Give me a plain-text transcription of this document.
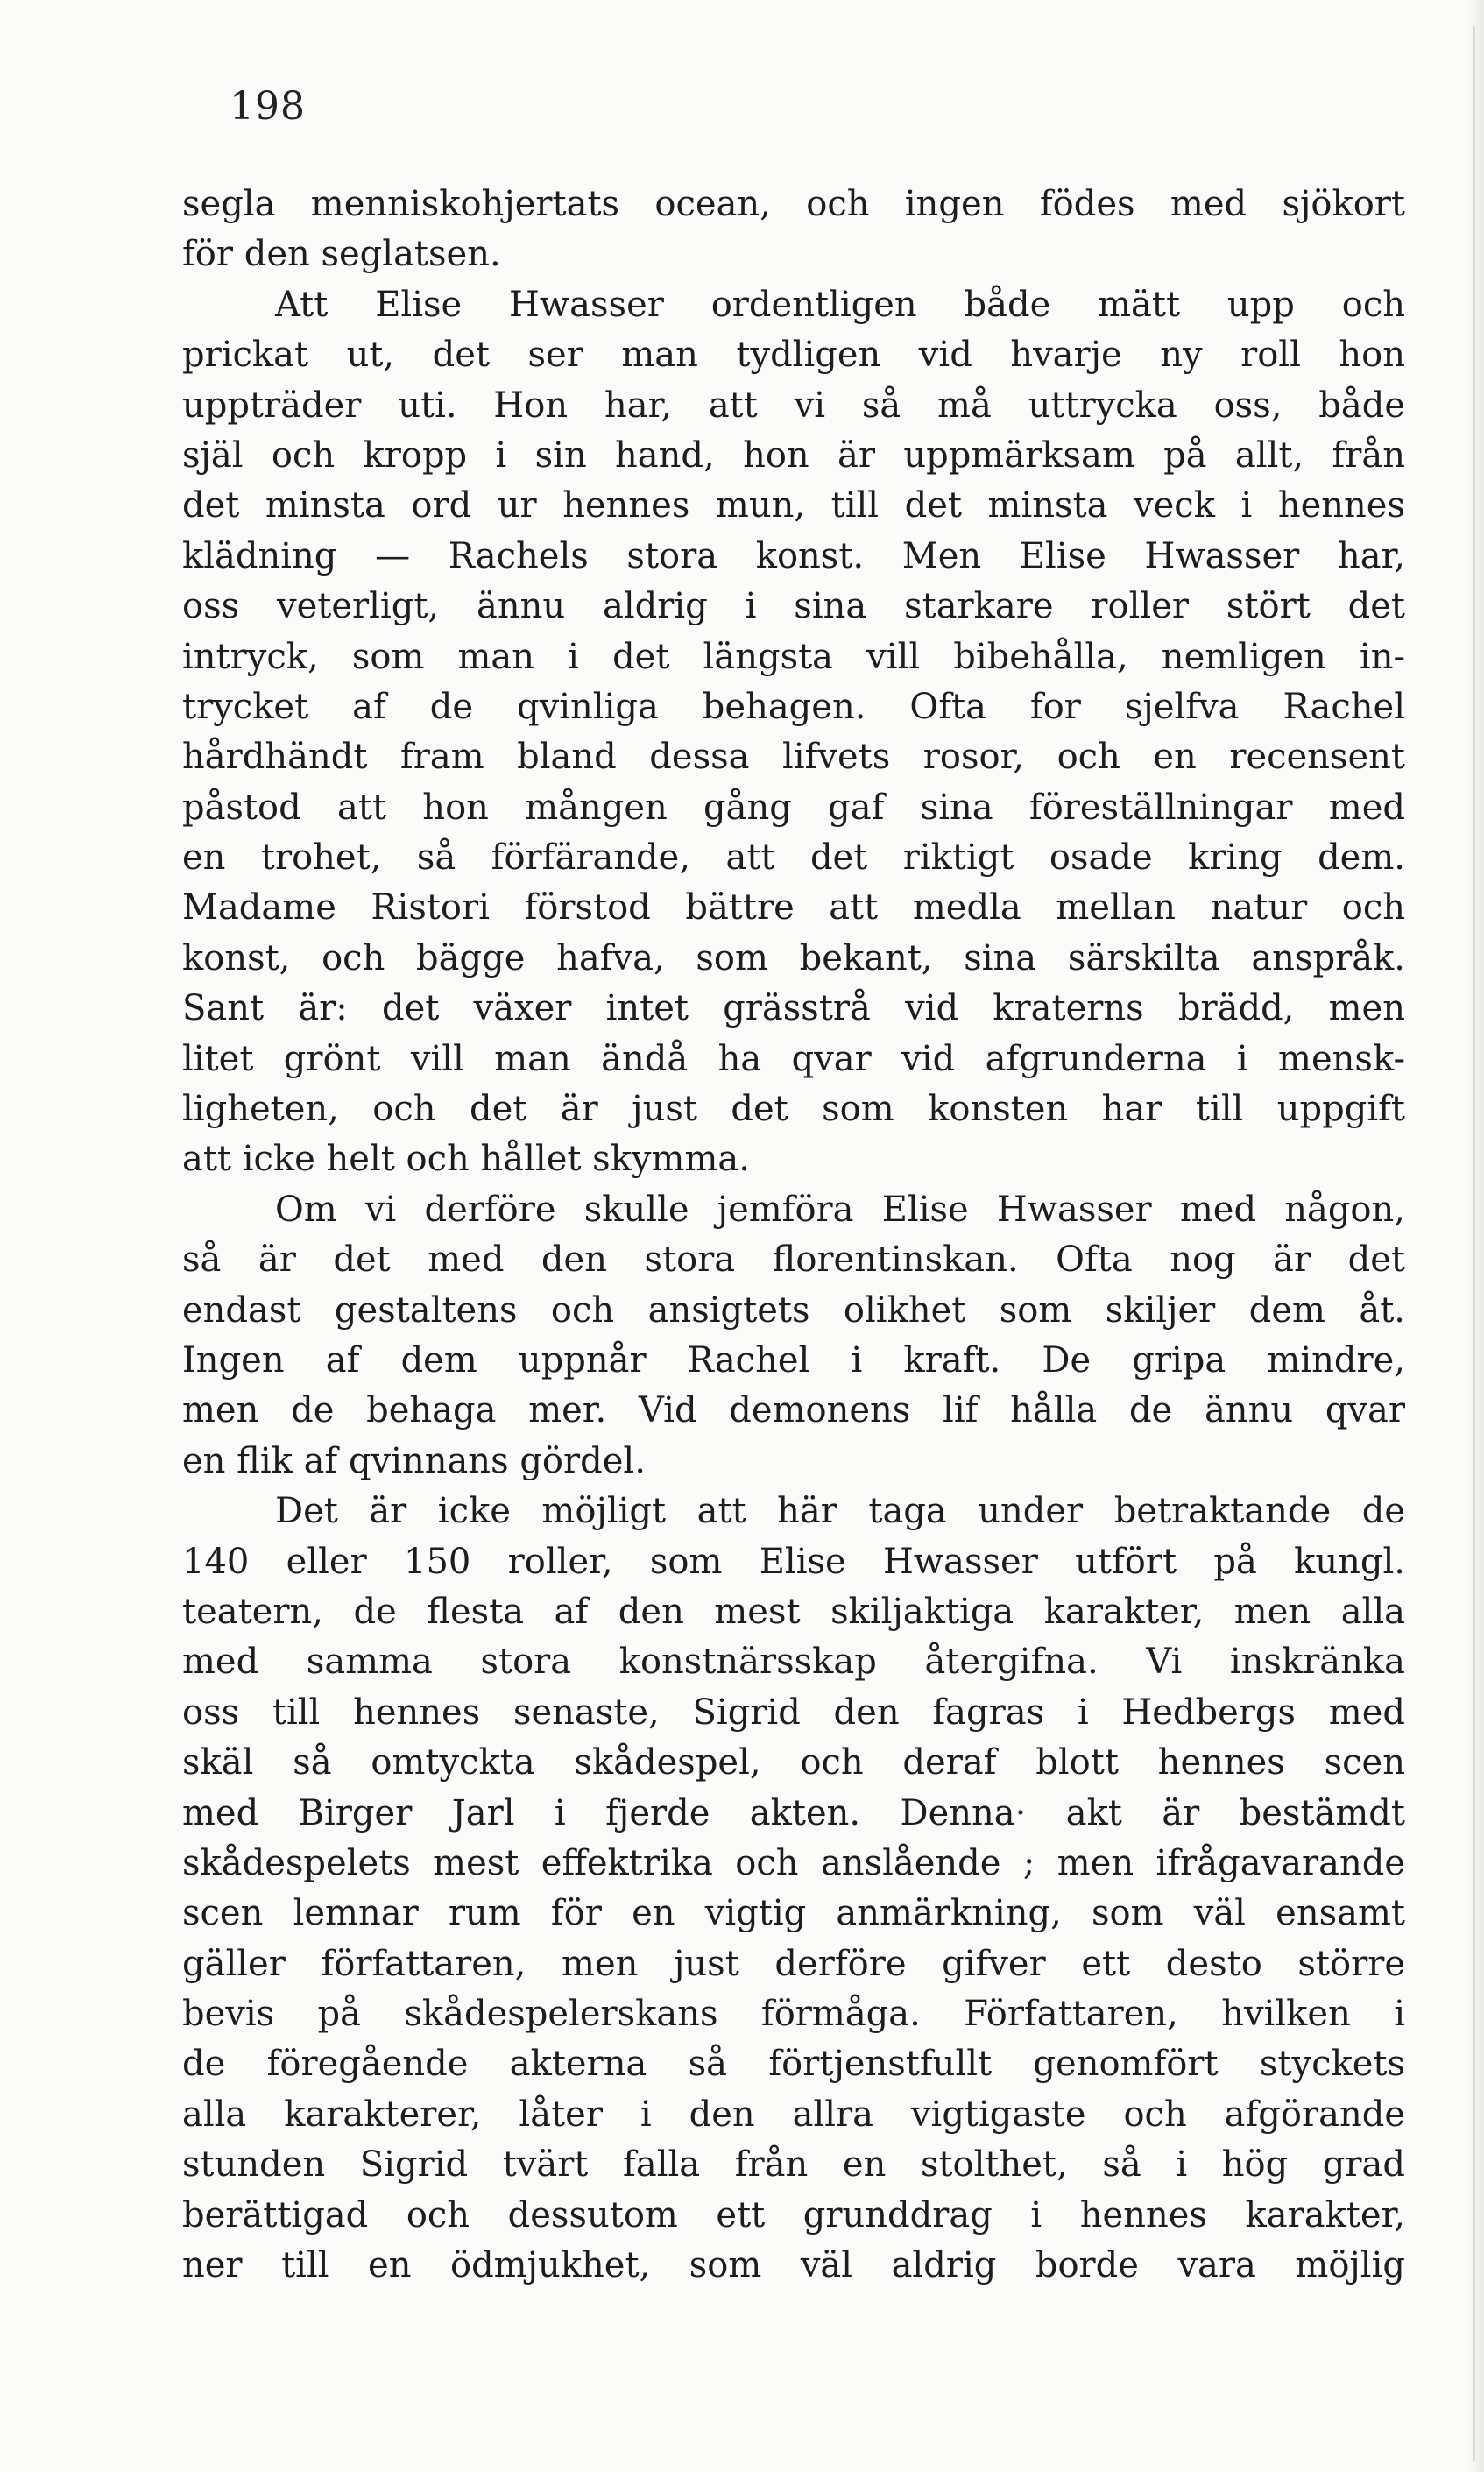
198
segla menniskohjertats ocean, och ingen födes med sjökort
för den seglatsen.
Att Elise Hwasser ordentligen både mätt upp och
prickat ut, det ser man tydligen vid hvarje ny roll hon
uppträder uti. Hon har, att vi så må uttrycka oss, både
själ och kropp i sin hand, hon är uppmärksam på allt, från
det minsta ord ur hennes mun, till det minsta veck i hennes
klädning — Rachels stora konst. Men Elise Hwasser har,
oss veterligt, ännu aldrig i sina starkare roller stört det
intryck, som man i det längsta vill bibehålla, nemligen in-
trycket af de qvinliga behagen. Ofta for sjelfva Rachel
hårdhändt fram bland dessa lifvets rosor, och en recensent
påstod att hon mången gång gaf sina föreställningar med
en trohet, så förfärande, att det riktigt osade kring dem.
Madame Ristori förstod bättre att medla mellan natur och
konst, och bägge hafva, som bekant, sina särskilta anspråk.
Sant är: det växer intet grässtrå vid kraterns brädd, men
litet grönt vill man ändå ha qvar vid afgrunderna i mensk-
ligheten, och det är just det som konsten har till uppgift
att icke helt och hållet skymma.
Om vi derföre skulle jemföra Elise Hwasser med någon,
så är det med den stora florentinskan. Ofta nog är det
endast gestaltens och ansigtets olikhet som skiljer dem åt.
Ingen af dem uppnår Rachel i kraft. De gripa mindre,
men de behaga mer. Vid demonens lif hålla de ännu qvar
en flik af qvinnans gördel.
Det är icke möjligt att här taga under betraktande de
140 eller 150 roller, som Elise Hwasser utfört på kungl.
teatern, de flesta af den mest skiljaktiga karakter, men alla
med samma stora konstnärsskap återgifna. Vi inskränka
oss till hennes senaste, Sigrid den fagras i Hedbergs med
skäl så omtyckta skådespel, och deraf blott hennes scen
med Birger Jarl i fjerde akten. Denna· akt är bestämdt
skådespelets mest effektrika och anslående ; men ifrågavarande
scen lemnar rum för en vigtig anmärkning, som väl ensamt
gäller författaren, men just derföre gifver ett desto större
bevis på skådespelerskans förmåga. Författaren, hvilken i
de föregående akterna så förtjenstfullt genomfört styckets
alla karakterer, låter i den allra vigtigaste och afgörande
stunden Sigrid tvärt falla från en stolthet, så i hög grad
berättigad och dessutom ett grunddrag i hennes karakter,
ner till en ödmjukhet, som väl aldrig borde vara möjlig
